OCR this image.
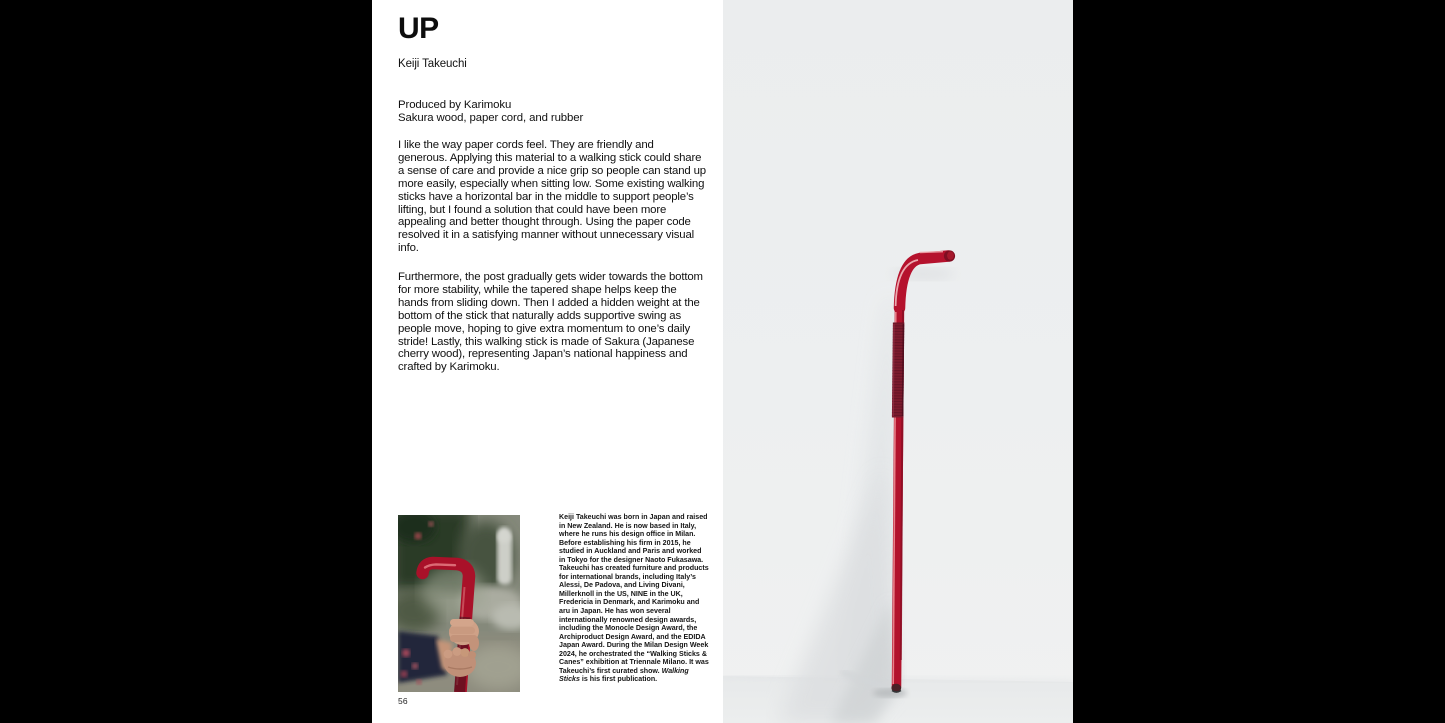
UP
Keiji Takeuchi
Produced by Karimoku
Sakura wood, paper cord, and rubber

I like the way paper cords feel. They are friendly and generous. Applying this material to a walking stick could share a sense of care and provide a nice grip so people can stand up more easily, especially when sitting low. Some existing walking sticks have a horizontal bar in the middle to support people’s lifting, but I found a solution that could have been more appealing and better thought through. Using the paper code resolved it in a satisfying manner without unnecessary visual info.

Furthermore, the post gradually gets wider towards the bottom for more stability, while the tapered shape helps keep the hands from sliding down. Then I added a hidden weight at the bottom of the stick that naturally adds supportive swing as people move, hoping to give extra momentum to one’s daily stride! Lastly, this walking stick is made of Sakura (Japanese cherry wood), representing Japan’s national happiness and crafted by Karimoku.

Keiji Takeuchi was born in Japan and raised in New Zealand. He is now based in Italy, where he runs his design office in Milan. Before establishing his firm in 2015, he studied in Auckland and Paris and worked in Tokyo for the designer Naoto Fukasawa. Takeuchi has created furniture and products for international brands, including Italy’s Alessi, De Padova, and Living Divani, Millerknoll in the US, NINE in the UK, Fredericia in Denmark, and Karimoku and aru in Japan. He has won several internationally renowned design awards, including the Monocle Design Award, the Archiproduct Design Award, and the EDIDA Japan Award. During the Milan Design Week 2024, he orchestrated the “Walking Sticks & Canes” exhibition at Triennale Milano. It was Takeuchi’s first curated show. Walking Sticks is his first publication.

56
